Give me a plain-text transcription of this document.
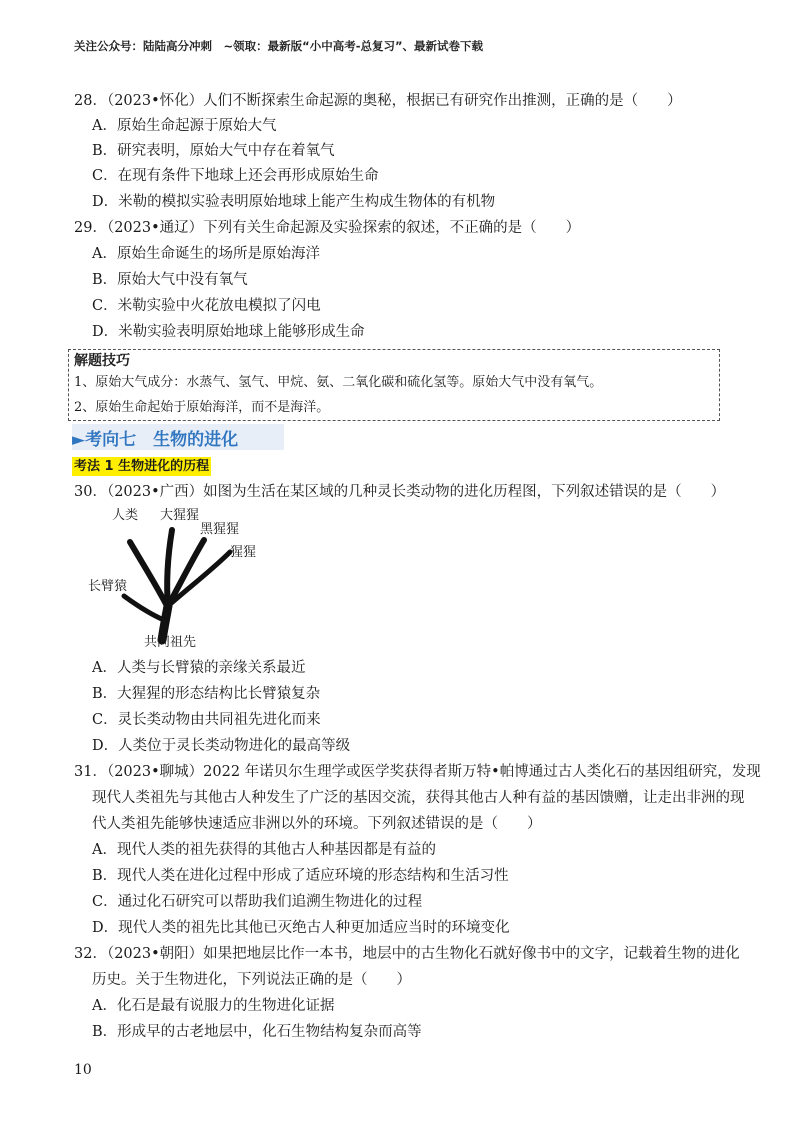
关注公众号：陆陆高分冲刺　~领取：最新版“小中高考-总复习”、最新试卷下载
28．（2023•怀化）人们不断探索生命起源的奥秘，根据已有研究作出推测，正确的是（　　）
A．原始生命起源于原始大气
B．研究表明，原始大气中存在着氧气
C．在现有条件下地球上还会再形成原始生命
D．米勒的模拟实验表明原始地球上能产生构成生物体的有机物
29．（2023•通辽）下列有关生命起源及实验探索的叙述，不正确的是（　　）
A．原始生命诞生的场所是原始海洋
B．原始大气中没有氧气
C．米勒实验中火花放电模拟了闪电
D．米勒实验表明原始地球上能够形成生命
解题技巧
1、原始大气成分：水蒸气、氢气、甲烷、氨、二氧化碳和硫化氢等。原始大气中没有氧气。
2、原始生命起始于原始海洋，而不是海洋。
►考向七　生物的进化
考法 1 生物进化的历程
30．（2023•广西）如图为生活在某区域的几种灵长类动物的进化历程图，下列叙述错误的是（　　）
人类 大猩猩
黑猩猩
猩猩
长臂猿
共同祖先
A．人类与长臂猿的亲缘关系最近
B．大猩猩的形态结构比长臂猿复杂
C．灵长类动物由共同祖先进化而来
D．人类位于灵长类动物进化的最高等级
31．（2023•聊城）2022 年诺贝尔生理学或医学奖获得者斯万特•帕博通过古人类化石的基因组研究，发现
现代人类祖先与其他古人种发生了广泛的基因交流，获得其他古人种有益的基因馈赠，让走出非洲的现
代人类祖先能够快速适应非洲以外的环境。下列叙述错误的是（　　）
A．现代人类的祖先获得的其他古人种基因都是有益的
B．现代人类在进化过程中形成了适应环境的形态结构和生活习性
C．通过化石研究可以帮助我们追溯生物进化的过程
D．现代人类的祖先比其他已灭绝古人种更加适应当时的环境变化
32．（2023•朝阳）如果把地层比作一本书，地层中的古生物化石就好像书中的文字，记载着生物的进化
历史。关于生物进化，下列说法正确的是（　　）
A．化石是最有说服力的生物进化证据
B．形成早的古老地层中，化石生物结构复杂而高等
10
